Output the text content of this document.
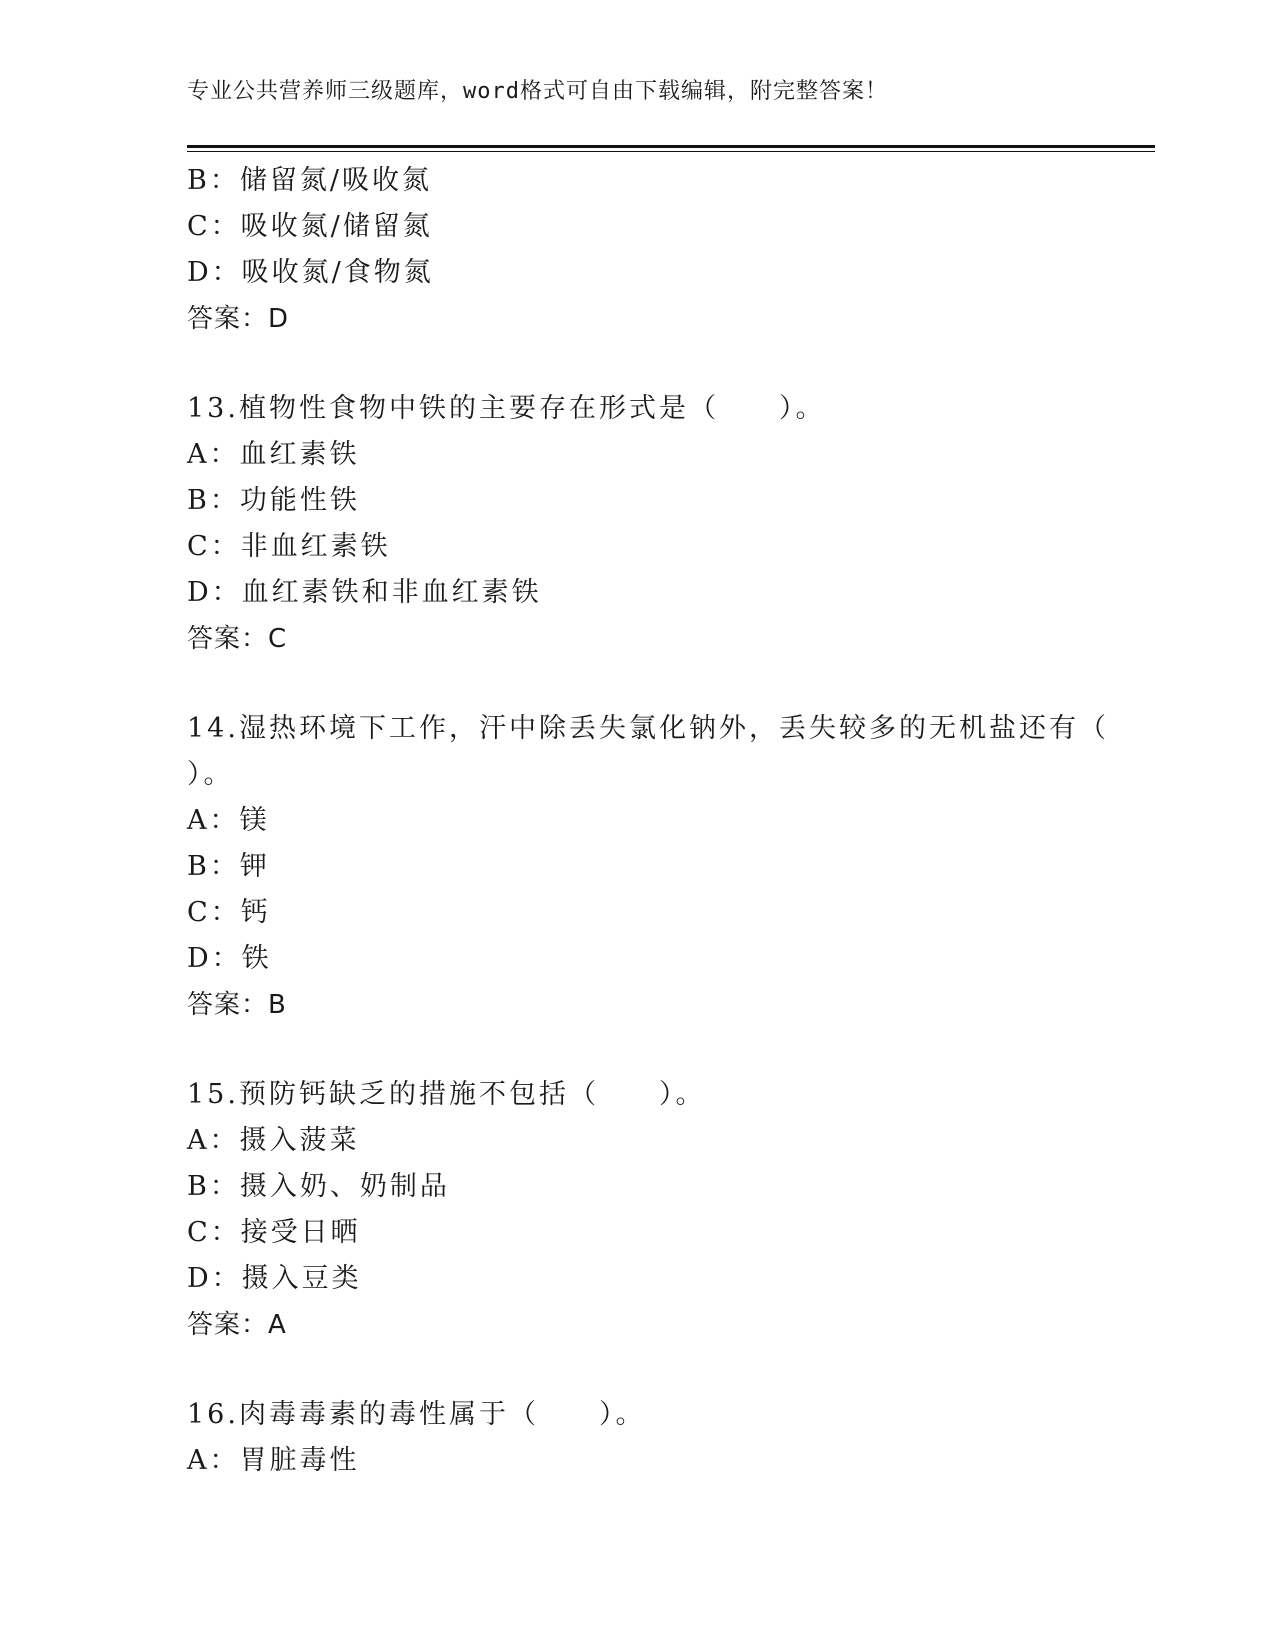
专业公共营养师三级题库，word格式可自由下载编辑，附完整答案！
B：储留氮/吸收氮
C：吸收氮/储留氮
D：吸收氮/食物氮
答案：D
13.植物性食物中铁的主要存在形式是（　　）。
A：血红素铁
B：功能性铁
C：非血红素铁
D：血红素铁和非血红素铁
答案：C
14.湿热环境下工作，汗中除丢失氯化钠外，丢失较多的无机盐还有（
）。
A：镁
B：钾
C：钙
D：铁
答案：B
15.预防钙缺乏的措施不包括（　　）。
A：摄入菠菜
B：摄入奶、奶制品
C：接受日晒
D：摄入豆类
答案：A
16.肉毒毒素的毒性属于（　　）。
A：胃脏毒性
